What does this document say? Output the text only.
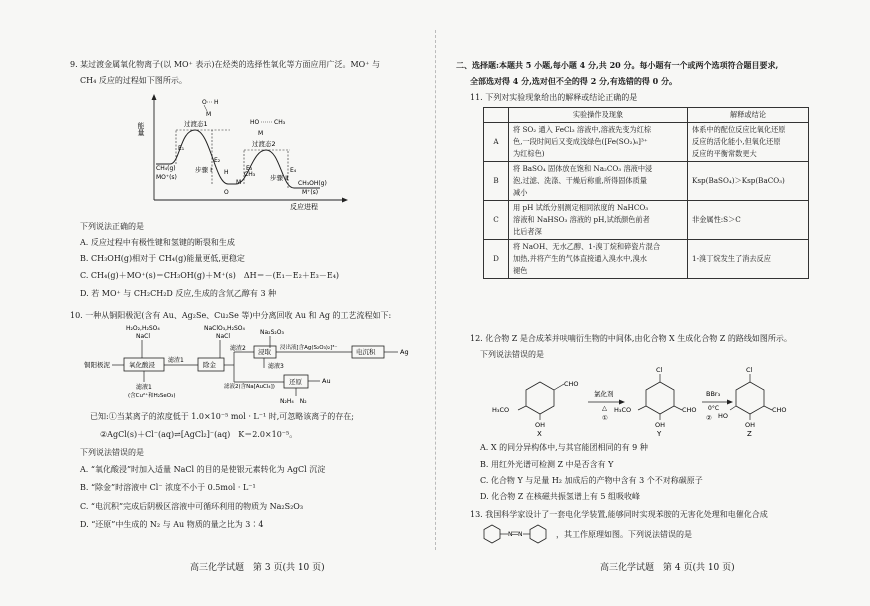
9. 某过渡金属氧化物离子(以 MO⁺ 表示)在烃类的选择性氧化等方面应用广泛。MO⁺ 与
CH₄ 反应的过程如下图所示。
能量
反应进程
E₁
E₂
E₃	E₄
过渡态1
过渡态2
步骤 Ⅰ
步骤 Ⅱ
CH₄(g)
MO⁺(s)
CH₃OH(g)
M⁺(s)
O H
M
HO CH₃
M
H
O
M
CH₃
下列说法正确的是
A. 反应过程中有极性键和氢键的断裂和生成
B. CH₃OH(g)相对于 CH₄(g)能量更低,更稳定
C. CH₄(g)＋MO⁺(s)＝CH₃OH(g)＋M⁺(s)　ΔH＝－(E₁－E₂＋E₃－E₄)
D. 若 MO⁺ 与 CH₂CH₂D 反应,生成的含氘乙醇有 3 种
10. 一种从铜阳极泥(含有 Au、Ag₂Se、Cu₂Se 等)中分离回收 Au 和 Ag 的工艺流程如下:
H₂O₂,H₂SO₄
NaCl
NaClO₃,H₂SO₄
NaCl
Na₂S₂O₃
铜阳极泥	氧化酸浸
滤渣1
滤液1
(含Cu²⁺和H₂SeO₃)
除金
滤渣2 浸取 浸出液[含Ag(S₂O₃)₂]³⁻	电沉积	Ag
滤液3
滤液2(含Na[AuCl₄])
还原	Au
N₂H₄　N₂
已知:①当某离子的浓度低于 1.0×10⁻⁵ mol · L⁻¹ 时,可忽略该离子的存在;
②AgCl(s)＋Cl⁻(aq)⇌[AgCl₂]⁻(aq)　K＝2.0×10⁻⁵。
下列说法错误的是
A. “氧化酸浸”时加入适量 NaCl 的目的是使银元素转化为 AgCl 沉淀
B. “除金”时溶液中 Cl⁻ 浓度不小于 0.5mol · L⁻¹
C. “电沉积”完成后阴极区溶液中可循环利用的物质为 Na₂S₂O₃
D. “还原”中生成的 N₂ 与 Au 物质的量之比为 3∶4
高三化学试题　第 3 页(共 10 页)
二、选择题:本题共 5 小题,每小题 4 分,共 20 分。每小题有一个或两个选项符合题目要求,
全部选对得 4 分,选对但不全的得 2 分,有选错的得 0 分。
11. 下列对实验现象给出的解释或结论正确的是
	实验操作及现象	解释或结论
A	将 SO₂ 通入 FeCl₃ 溶液中,溶液先变为红棕
色,一段时间后又变成浅绿色([Fe(SO₂)₆]³⁺
为红棕色)	体系中的配位反应比氧化还原
反应的活化能小,但氧化还原
反应的平衡常数更大

B	将 BaSO₄ 固体放在饱和 Na₂CO₃ 溶液中浸
泡,过滤、洗涤、干燥后称重,所得固体质量
减小	Ksp(BaSO₄)＞Ksp(BaCO₃)

C	用 pH 试纸分别测定相同浓度的 NaHCO₃
溶液和 NaHSO₃ 溶液的 pH,试纸颜色前者
比后者深	非金属性:S＞C

D	将 NaOH、无水乙醇、1-溴丁烷和碎瓷片混合
加热,并将产生的气体直接通入溴水中,溴水
褪色	1-溴丁烷发生了消去反应
12. 化合物 Z 是合成苯并呋喃衍生物的中间体,由化合物 X 生成化合物 Z 的路线如图所示。
下列说法错误的是
CHO
OH
H₃CO
X
氯化剂
△
①
Cl
CHO
OH
H₃CO
Y
BBr₃
0°C
②
Cl
CHO
OH
HO
Z
A. X 的同分异构体中,与其官能团相同的有 9 种
B. 用红外光谱可检测 Z 中是否含有 Y
C. 化合物 Y 与足量 H₂ 加成后的产物中含有 3 个不对称碳原子
D. 化合物 Z 在核磁共振氢谱上有 5 组吸收峰
13. 我国科学家设计了一套电化学装置,能够同时实现苯胺的无害化处理和电催化合成
N N	，其工作原理如图。下列说法错误的是
高三化学试题　第 4 页(共 10 页)
